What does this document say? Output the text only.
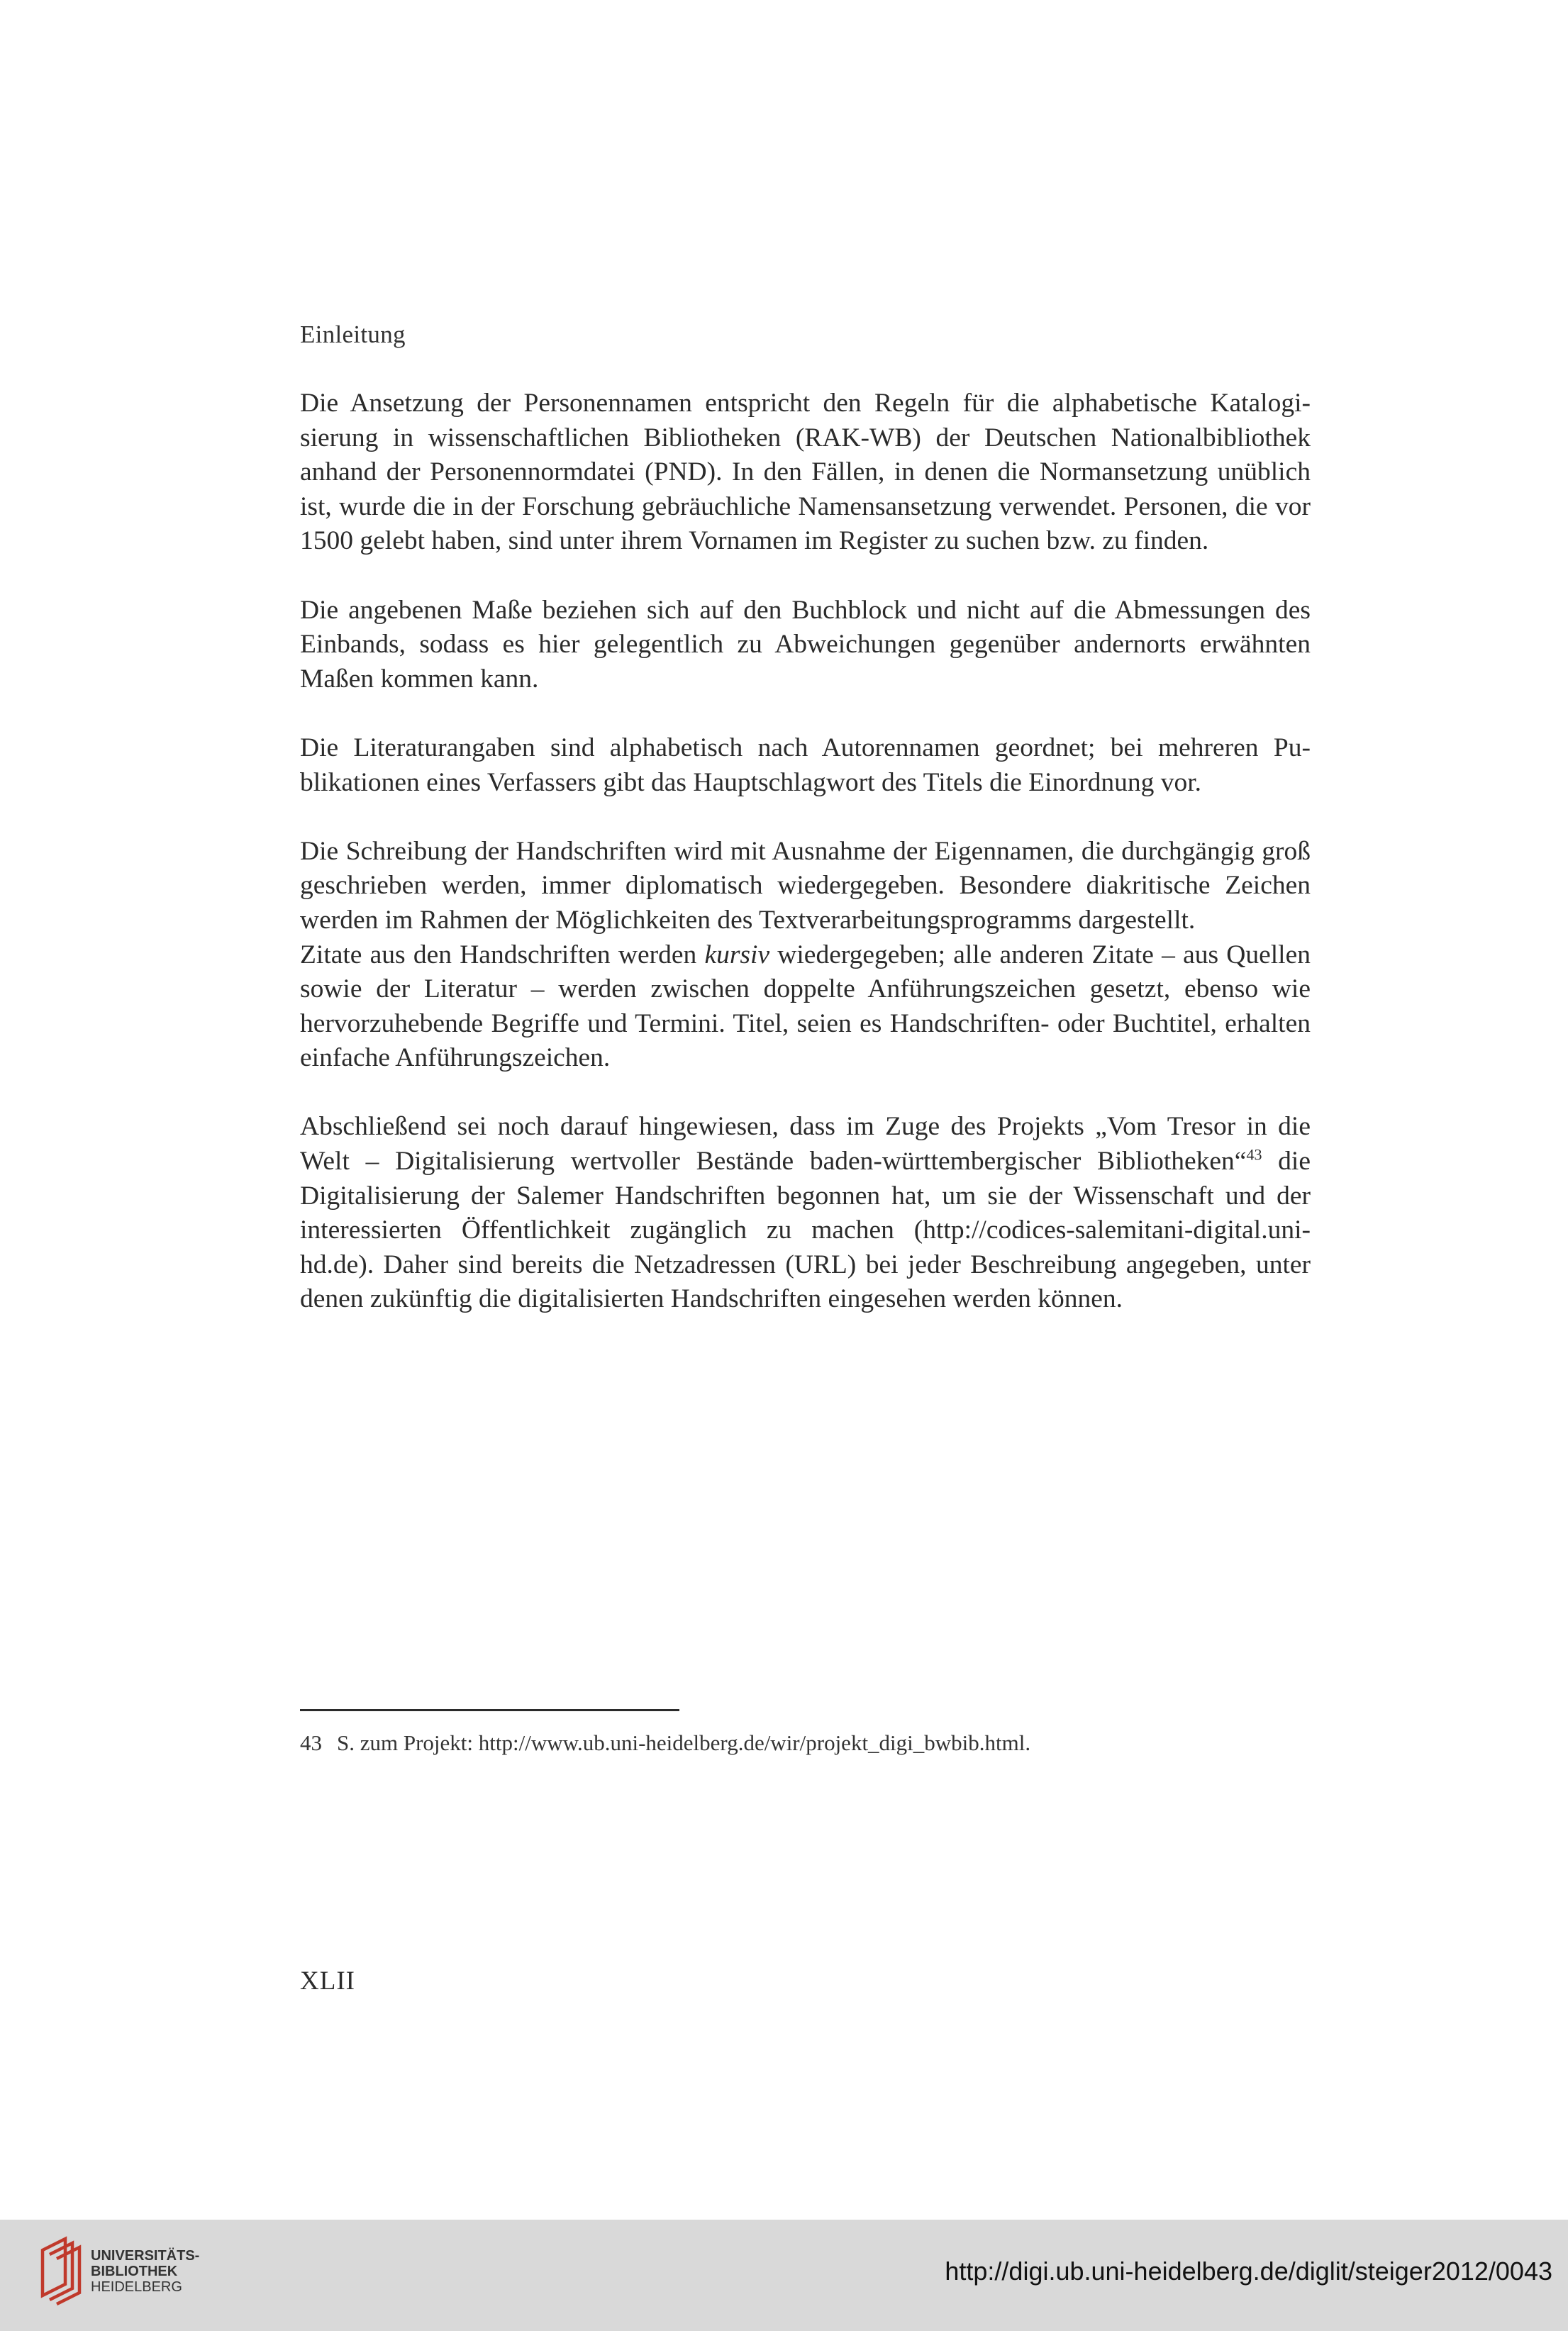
Einleitung

Die Ansetzung der Personennamen entspricht den Regeln für die alphabetische Katalogisierung in wissenschaftlichen Bibliotheken (RAK-WB) der Deutschen Nationalbibliothek anhand der Personennormdatei (PND). In den Fällen, in denen die Normansetzung unüblich ist, wurde die in der Forschung gebräuchliche Namensansetzung verwendet. Personen, die vor 1500 gelebt haben, sind unter ihrem Vornamen im Register zu suchen bzw. zu finden.

Die angebenen Maße beziehen sich auf den Buchblock und nicht auf die Abmessungen des Einbands, sodass es hier gelegentlich zu Abweichungen gegenüber andernorts erwähnten Maßen kommen kann.

Die Literaturangaben sind alphabetisch nach Autorennamen geordnet; bei mehreren Publikationen eines Verfassers gibt das Hauptschlagwort des Titels die Einordnung vor.

Die Schreibung der Handschriften wird mit Ausnahme der Eigennamen, die durchgängig groß geschrieben werden, immer diplomatisch wiedergegeben. Besondere diakritische Zeichen werden im Rahmen der Möglichkeiten des Textverarbeitungsprogramms dargestellt.

Zitate aus den Handschriften werden kursiv wiedergegeben; alle anderen Zitate – aus Quellen sowie der Literatur – werden zwischen doppelte Anführungszeichen gesetzt, ebenso wie hervorzuhebende Begriffe und Termini. Titel, seien es Handschriften- oder Buchtitel, erhalten einfache Anführungszeichen.

Abschließend sei noch darauf hingewiesen, dass im Zuge des Projekts „Vom Tresor in die Welt – Digitalisierung wertvoller Bestände baden-württembergischer Bibliotheken“$^{43}$ die Digitalisierung der Salemer Handschriften begonnen hat, um sie der Wissenschaft und der interessierten Öffentlichkeit zugänglich zu machen (http://codices-salemitani-digital.uni-hd.de). Daher sind bereits die Netzadressen (URL) bei jeder Beschreibung angegeben, unter denen zukünftig die digitalisierten Handschriften eingesehen werden können.

43 S. zum Projekt: http://www.ub.uni-heidelberg.de/wir/projekt_digi_bwbib.html.
XLII
UNIVERSITÄTS-
BIBLIOTHEK
HEIDELBERG
http://digi.ub.uni-heidelberg.de/diglit/steiger2012/0043
